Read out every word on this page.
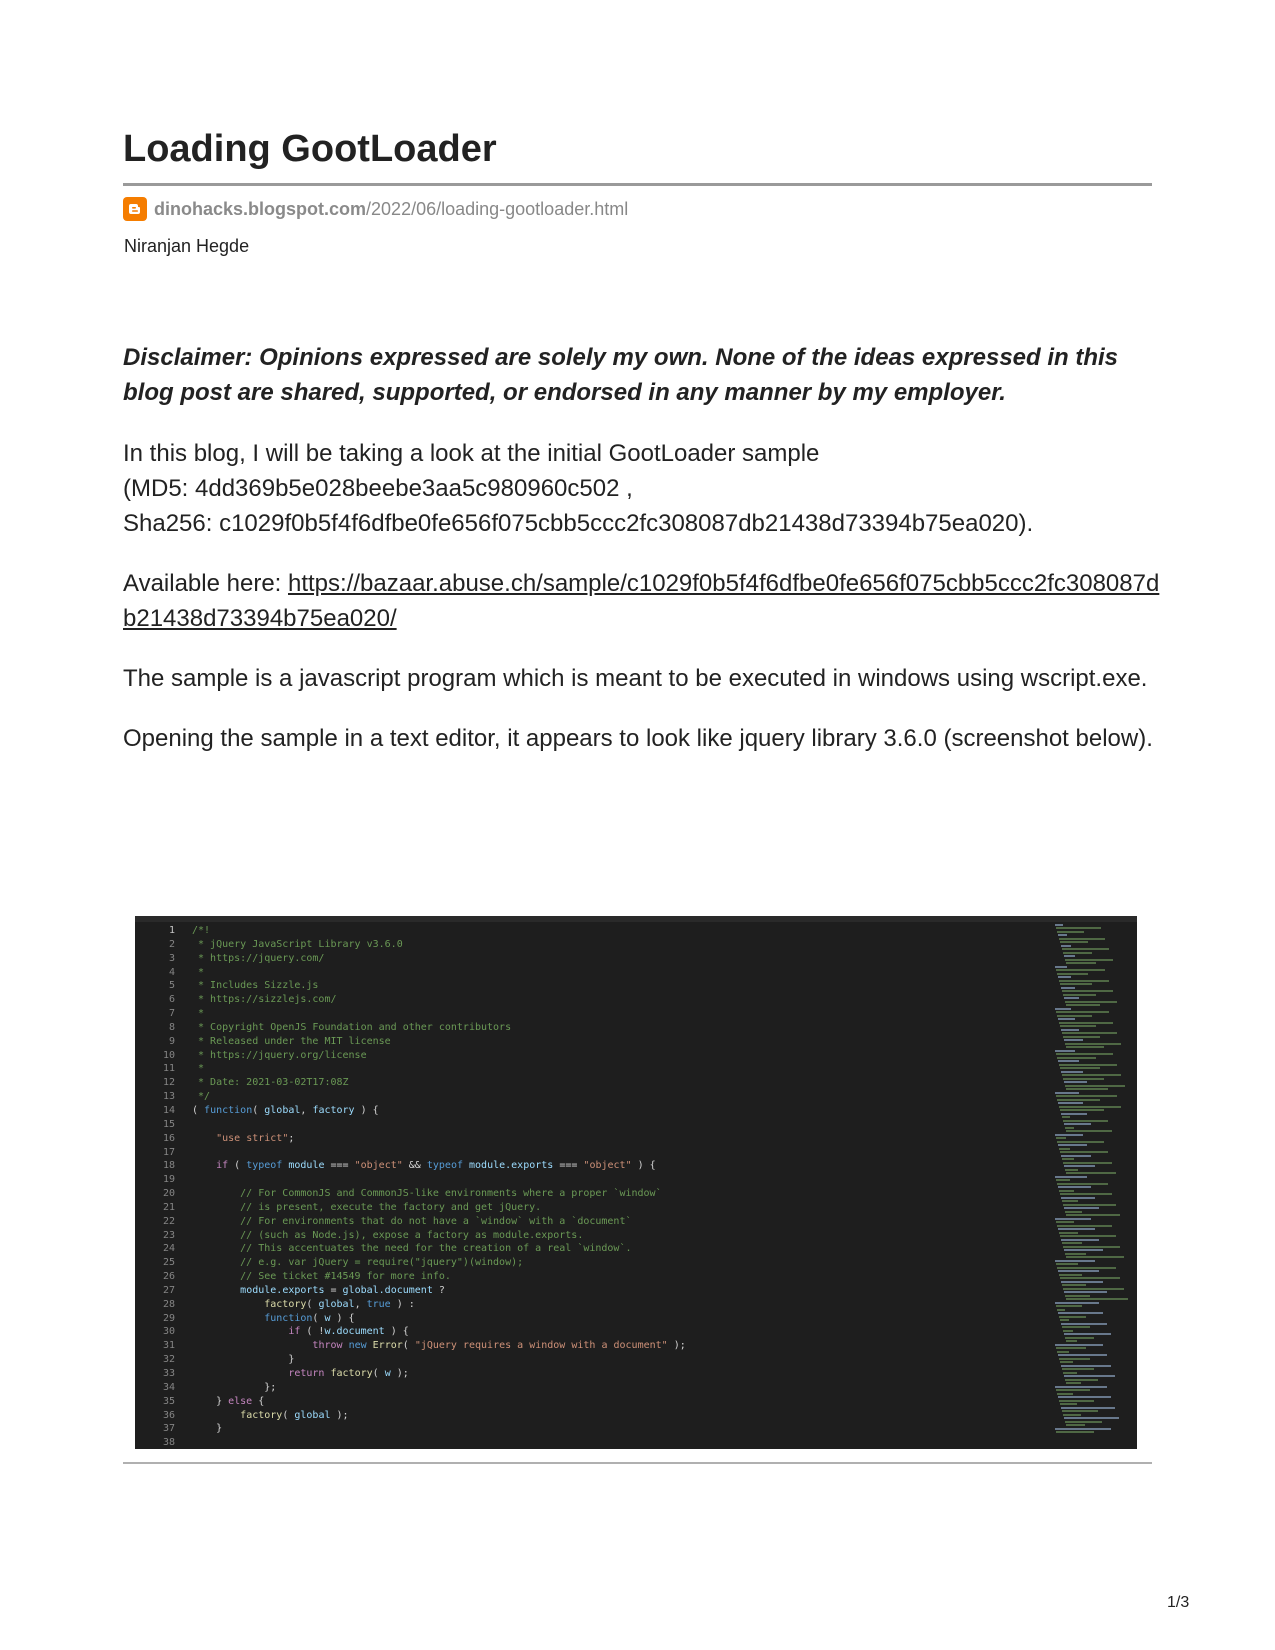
Loading GootLoader
dinohacks.blogspot.com/2022/06/loading-gootloader.html
Niranjan Hegde

Disclaimer: Opinions expressed are solely my own. None of the ideas expressed in this blog post are shared, supported, or endorsed in any manner by my employer.

In this blog, I will be taking a look at the initial GootLoader sample
(MD5: 4dd369b5e028beebe3aa5c980960c502 ,
Sha256: c1029f0b5f4f6dfbe0fe656f075cbb5ccc2fc308087db21438d73394b75ea020).

Available here: https://bazaar.abuse.ch/sample/c1029f0b5f4f6dfbe0fe656f075cbb5ccc2fc308087db21438d73394b75ea020/

The sample is a javascript program which is meant to be executed in windows using wscript.exe.

Opening the sample in a text editor, it appears to look like jquery library 3.6.0 (screenshot below).

1
2
3
4
5
6
7
8
9
10
11
12
13
14
15
16
17
18
19
20
21
22
23
24
25
26
27
28
29
30
31
32
33
34
35
36
37
38
/*!
* jQuery JavaScript Library v3.6.0
* https://jquery.com/
*
* Includes Sizzle.js
* https://sizzlejs.com/
*
* Copyright OpenJS Foundation and other contributors
* Released under the MIT license
* https://jquery.org/license
*
* Date: 2021-03-02T17:08Z
*/
( function( global, factory ) {
"use strict";
if ( typeof module === "object" && typeof module.exports === "object" ) {
// For CommonJS and CommonJS-like environments where a proper `window`
// is present, execute the factory and get jQuery.
// For environments that do not have a `window` with a `document`
// (such as Node.js), expose a factory as module.exports.
// This accentuates the need for the creation of a real `window`.
// e.g. var jQuery = require("jquery")(window);
// See ticket #14549 for more info.
module.exports = global.document ?
factory( global, true ) :
function( w ) {
if ( !w.document ) {
throw new Error( "jQuery requires a window with a document" );
}
return factory( w );
};
} else {
factory( global );
}
1/3
